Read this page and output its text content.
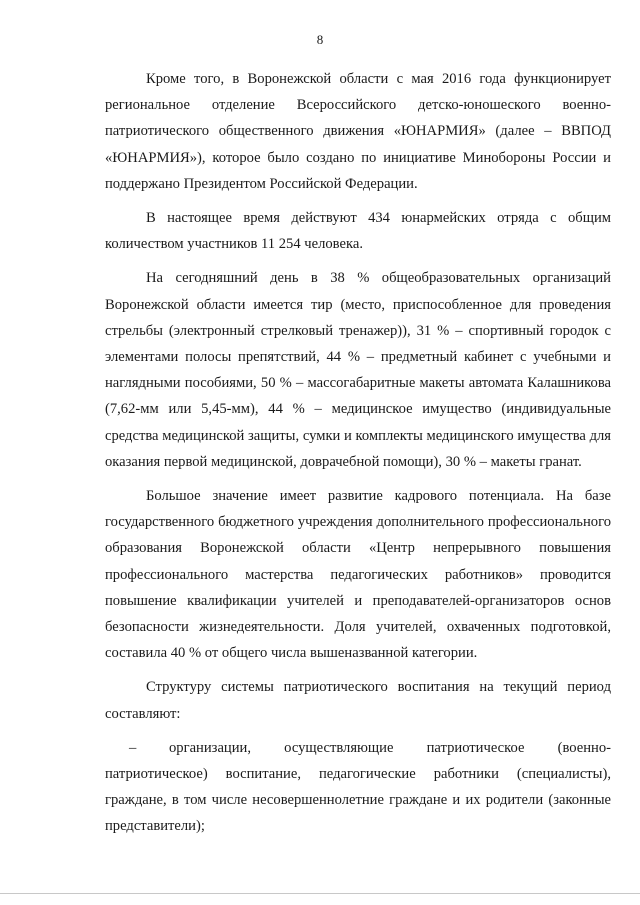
8

Кроме того, в Воронежской области с мая 2016 года функционирует региональное отделение Всероссийского детско-юношеского военно-патриотического общественного движения «ЮНАРМИЯ» (далее – ВВПОД «ЮНАРМИЯ»), которое было создано по инициативе Минобороны России и поддержано Президентом Российской Федерации.

В настоящее время действуют 434 юнармейских отряда с общим количеством участников 11 254 человека.

На сегодняшний день в 38 % общеобразовательных организаций Воронежской области имеется тир (место, приспособленное для проведения стрельбы (электронный стрелковый тренажер)), 31 % – спортивный городок с элементами полосы препятствий, 44 % – предметный кабинет с учебными и наглядными пособиями, 50 % – массогабаритные макеты автомата Калашникова (7,62-мм или 5,45-мм), 44 % – медицинское имущество (индивидуальные средства медицинской защиты, сумки и комплекты медицинского имущества для оказания первой медицинской, доврачебной помощи), 30 % – макеты гранат.

Большое значение имеет развитие кадрового потенциала. На базе государственного бюджетного учреждения дополнительного профессионального образования Воронежской области «Центр непрерывного повышения профессионального мастерства педагогических работников» проводится повышение квалификации учителей и преподавателей-организаторов основ безопасности жизнедеятельности. Доля учителей, охваченных подготовкой, составила 40 % от общего числа вышеназванной категории.

Структуру системы патриотического воспитания на текущий период составляют:

– организации, осуществляющие патриотическое (военно-патриотическое) воспитание, педагогические работники (специалисты), граждане, в том числе несовершеннолетние граждане и их родители (законные представители);
